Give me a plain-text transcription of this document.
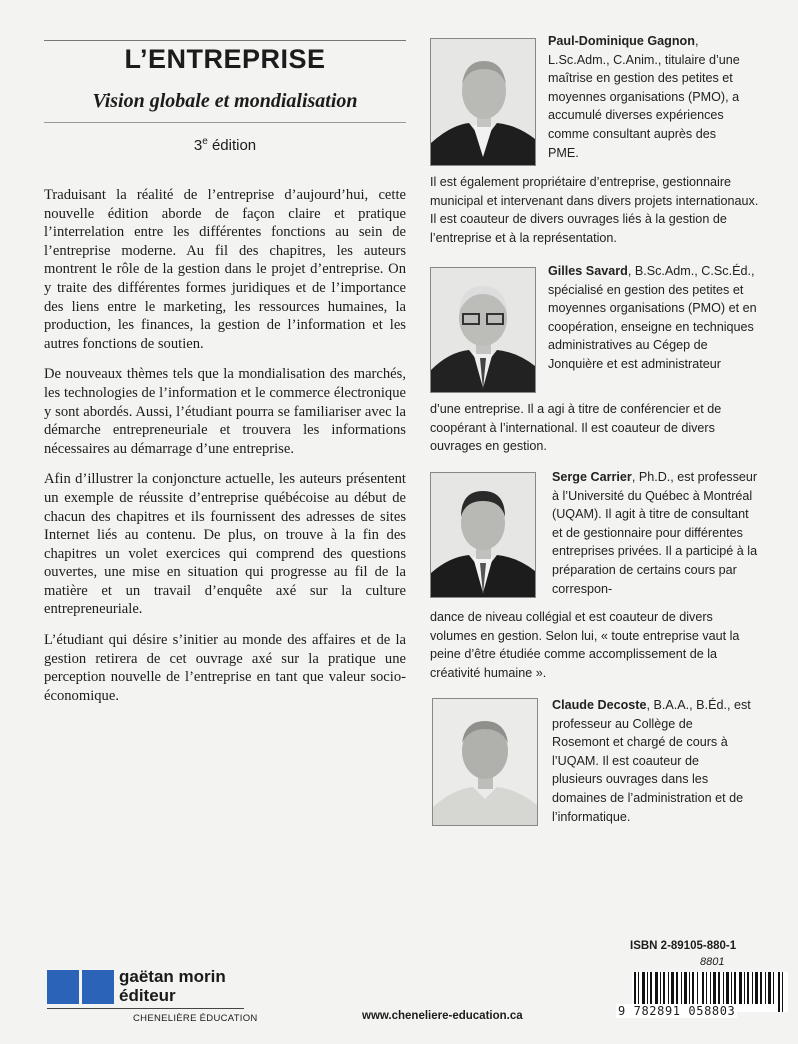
L’ENTREPRISE
Vision globale et mondialisation
3e édition

Traduisant la réalité de l’entreprise d’aujourd’hui, cette nouvelle édition aborde de façon claire et pratique l’interrelation entre les différentes fonctions au sein de l’entreprise moderne. Au fil des chapitres, les auteurs montrent le rôle de la gestion dans le projet d’entreprise. On y traite des différentes formes juridiques et de l’importance des liens entre le marketing, les ressources humaines, la production, les finances, la gestion de l’information et les autres fonctions de soutien.

De nouveaux thèmes tels que la mondialisation des marchés, les technologies de l’information et le commerce électronique y sont abordés. Aussi, l’étudiant pourra se familiariser avec la démarche entrepreneuriale et trouvera les informations nécessaires au démarrage d’une entreprise.

Afin d’illustrer la conjoncture actuelle, les auteurs présentent un exemple de réussite d’entreprise québécoise au début de chacun des chapitres et ils fournissent des adresses de sites Internet liés au contenu. De plus, on trouve à la fin des chapitres un volet exercices qui comprend des questions ouvertes, une mise en situation qui progresse au fil de la matière et un travail d’enquête axé sur la culture entrepreneuriale.

L’étudiant qui désire s’initier au monde des affaires et de la gestion retirera de cet ouvrage axé sur la pratique une perception nouvelle de l’entreprise en tant que valeur socio-économique.

Paul-Dominique Gagnon, L.Sc.Adm., C.Anim., titulaire d’une maîtrise en gestion des petites et moyennes organisations (PMO), a accumulé diverses expériences comme consultant auprès des PME.
Il est également propriétaire d’entreprise, gestionnaire municipal et intervenant dans divers projets internationaux. Il est coauteur de divers ouvrages liés à la gestion de l’entreprise et à la représentation.
Gilles Savard, B.Sc.Adm., C.Sc.Éd., spécialisé en gestion des petites et moyennes organisations (PMO) et en coopération, enseigne en techniques administratives au Cégep de Jonquière et est administrateur
d’une entreprise. Il a agi à titre de conférencier et de coopérant à l’international. Il est coauteur de divers ouvrages en gestion.
Serge Carrier, Ph.D., est professeur à l’Université du Québec à Montréal (UQAM). Il agit à titre de consultant et de gestionnaire pour différentes entreprises privées. Il a participé à la préparation de certains cours par correspon-
dance de niveau collégial et est coauteur de divers volumes en gestion. Selon lui, « toute entreprise vaut la peine d’être étudiée comme accomplissement de la créativité humaine ».
Claude Decoste, B.A.A., B.Éd., est professeur au Collège de Rosemont et chargé de cours à l’UQAM. Il est coauteur de plusieurs ouvrages dans les domaines de l’administration et de l’informatique.
gaëtan morin
éditeur
CHENELIÈRE ÉDUCATION	www.cheneliere-education.ca
ISBN 2-89105-880-1
8801
9 782891 058803
